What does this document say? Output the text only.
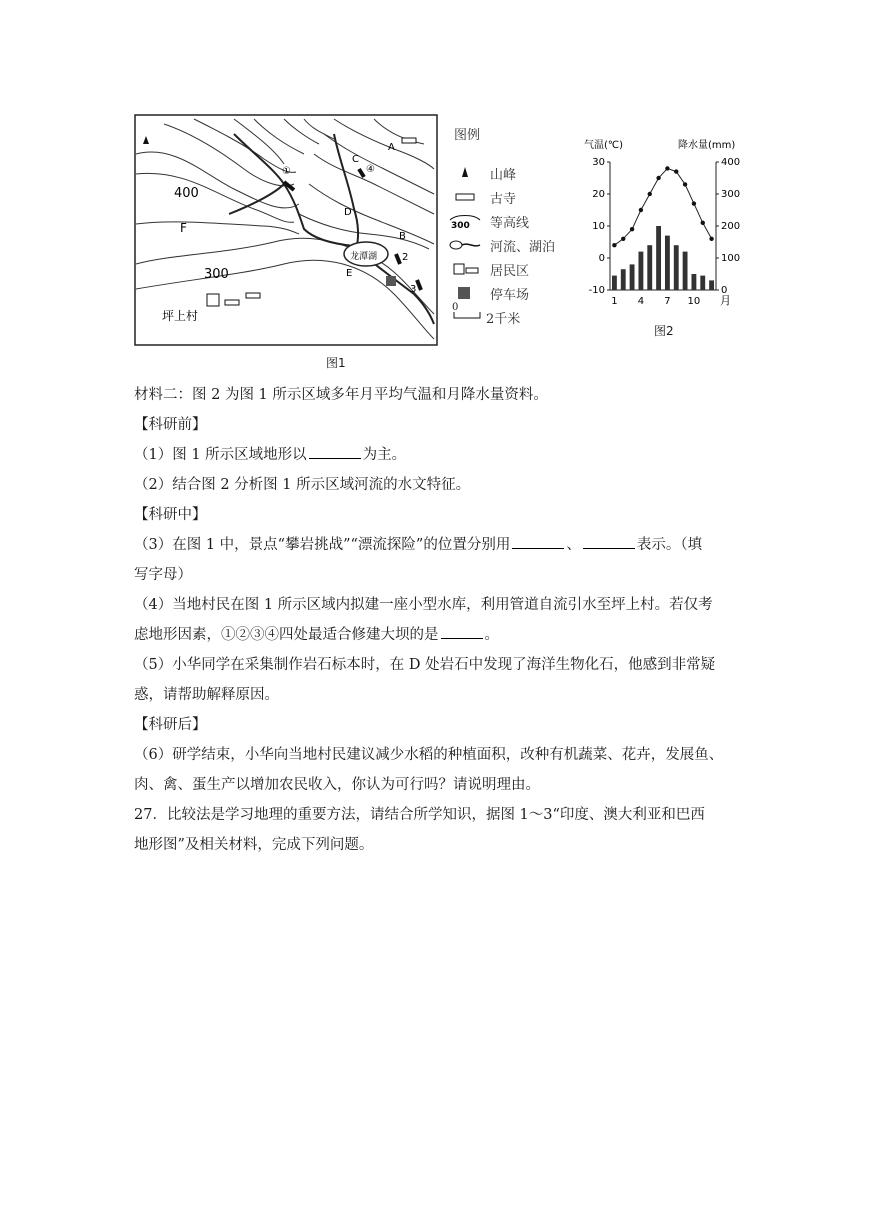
400
300
F
C
D
E
B
A
①
2
3
④
坪上村
龙潭湖
图1
图例
山峰
古寺
300 等高线
河流、湖泊
居民区
停车场
0
2千米
气温(℃)	降水量(mm)
月
-10
0
10
20
30
0
100
200
300
400
1 4 7 10
图2
材料二：图 2 为图 1 所示区域多年月平均气温和月降水量资料。
【科研前】
（1）图 1 所示区域地形以	为主。
（2）结合图 2 分析图 1 所示区域河流的水文特征。
【科研中】
（3）在图 1 中，景点“攀岩挑战”“漂流探险”的位置分别用	、	表示。（填
写字母）
（4）当地村民在图 1 所示区域内拟建一座小型水库，利用管道自流引水至坪上村。若仅考
虑地形因素，①②③④四处最适合修建大坝的是	。
（5）小华同学在采集制作岩石标本时，在 D 处岩石中发现了海洋生物化石，他感到非常疑
惑，请帮助解释原因。
【科研后】
（6）研学结束，小华向当地村民建议减少水稻的种植面积，改种有机蔬菜、花卉，发展鱼、
肉、禽、蛋生产以增加农民收入，你认为可行吗？请说明理由。
27．比较法是学习地理的重要方法，请结合所学知识，据图 1～3“印度、澳大利亚和巴西
地形图”及相关材料，完成下列问题。
